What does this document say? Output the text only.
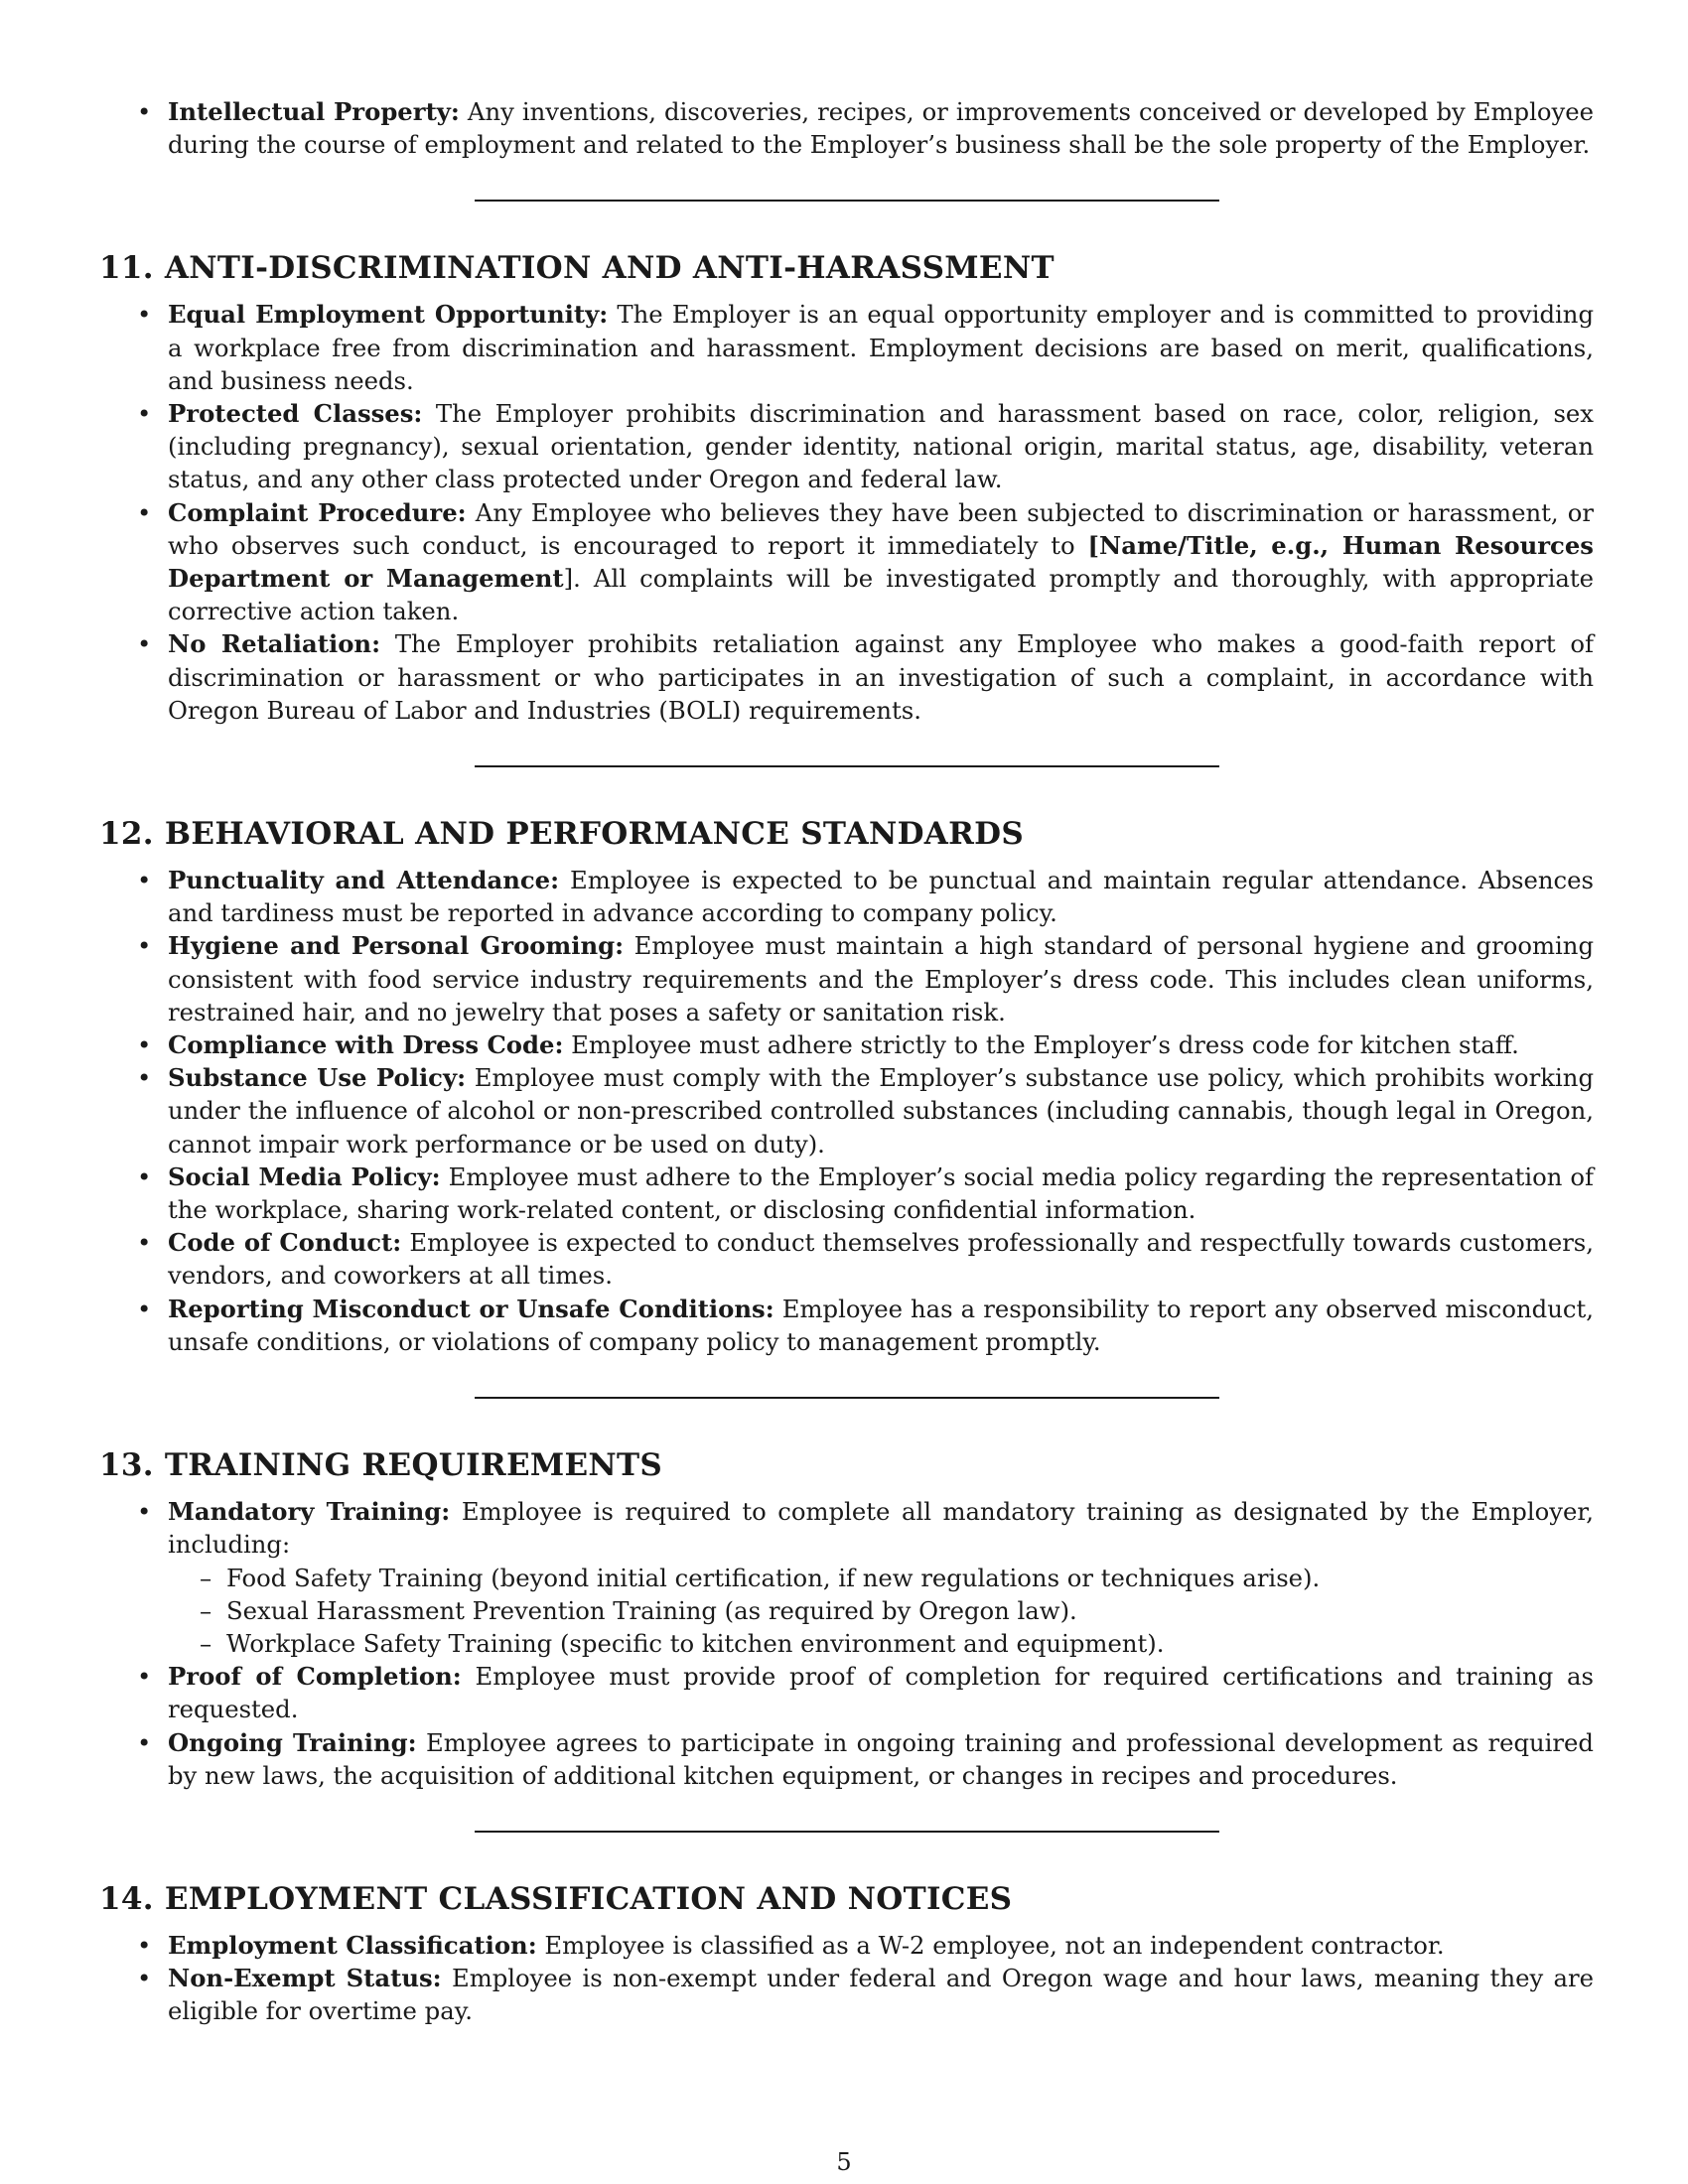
• Intellectual Property: Any inventions, discoveries, recipes, or improvements conceived or developed by Employee during the course of employment and related to the Employer’s business shall be the sole property of the Employer.
11. ANTI-DISCRIMINATION AND ANTI-HARASSMENT
• Equal Employment Opportunity: The Employer is an equal opportunity employer and is committed to providing a workplace free from discrimination and harassment. Employment decisions are based on merit, qualifications, and business needs.
• Protected Classes: The Employer prohibits discrimination and harassment based on race, color, religion, sex (including pregnancy), sexual orientation, gender identity, national origin, marital status, age, disability, veteran status, and any other class protected under Oregon and federal law.
• Complaint Procedure: Any Employee who believes they have been subjected to discrimination or harassment, or who observes such conduct, is encouraged to report it immediately to [Name/Title, e.g., Human Resources Department or Management]. All complaints will be investigated promptly and thoroughly, with appropriate corrective action taken.
• No Retaliation: The Employer prohibits retaliation against any Employee who makes a good-faith report of discrimination or harassment or who participates in an investigation of such a complaint, in accordance with Oregon Bureau of Labor and Industries (BOLI) requirements.
12. BEHAVIORAL AND PERFORMANCE STANDARDS
• Punctuality and Attendance: Employee is expected to be punctual and maintain regular attendance. Absences and tardiness must be reported in advance according to company policy.
• Hygiene and Personal Grooming: Employee must maintain a high standard of personal hygiene and grooming consistent with food service industry requirements and the Employer’s dress code. This includes clean uniforms, restrained hair, and no jewelry that poses a safety or sanitation risk.
• Compliance with Dress Code: Employee must adhere strictly to the Employer’s dress code for kitchen staff.
• Substance Use Policy: Employee must comply with the Employer’s substance use policy, which prohibits working under the influence of alcohol or non-prescribed controlled substances (including cannabis, though legal in Oregon, cannot impair work performance or be used on duty).
• Social Media Policy: Employee must adhere to the Employer’s social media policy regarding the representation of the workplace, sharing work-related content, or disclosing confidential information.
• Code of Conduct: Employee is expected to conduct themselves professionally and respectfully towards customers, vendors, and coworkers at all times.
• Reporting Misconduct or Unsafe Conditions: Employee has a responsibility to report any observed misconduct, unsafe conditions, or violations of company policy to management promptly.
13. TRAINING REQUIREMENTS
• Mandatory Training: Employee is required to complete all mandatory training as designated by the Employer, including:
– Food Safety Training (beyond initial certification, if new regulations or techniques arise).
– Sexual Harassment Prevention Training (as required by Oregon law).
– Workplace Safety Training (specific to kitchen environment and equipment).
• Proof of Completion: Employee must provide proof of completion for required certifications and training as requested.
• Ongoing Training: Employee agrees to participate in ongoing training and professional development as required by new laws, the acquisition of additional kitchen equipment, or changes in recipes and procedures.
14. EMPLOYMENT CLASSIFICATION AND NOTICES
• Employment Classification: Employee is classified as a W-2 employee, not an independent contractor.
• Non-Exempt Status: Employee is non-exempt under federal and Oregon wage and hour laws, meaning they are eligible for overtime pay.
5
